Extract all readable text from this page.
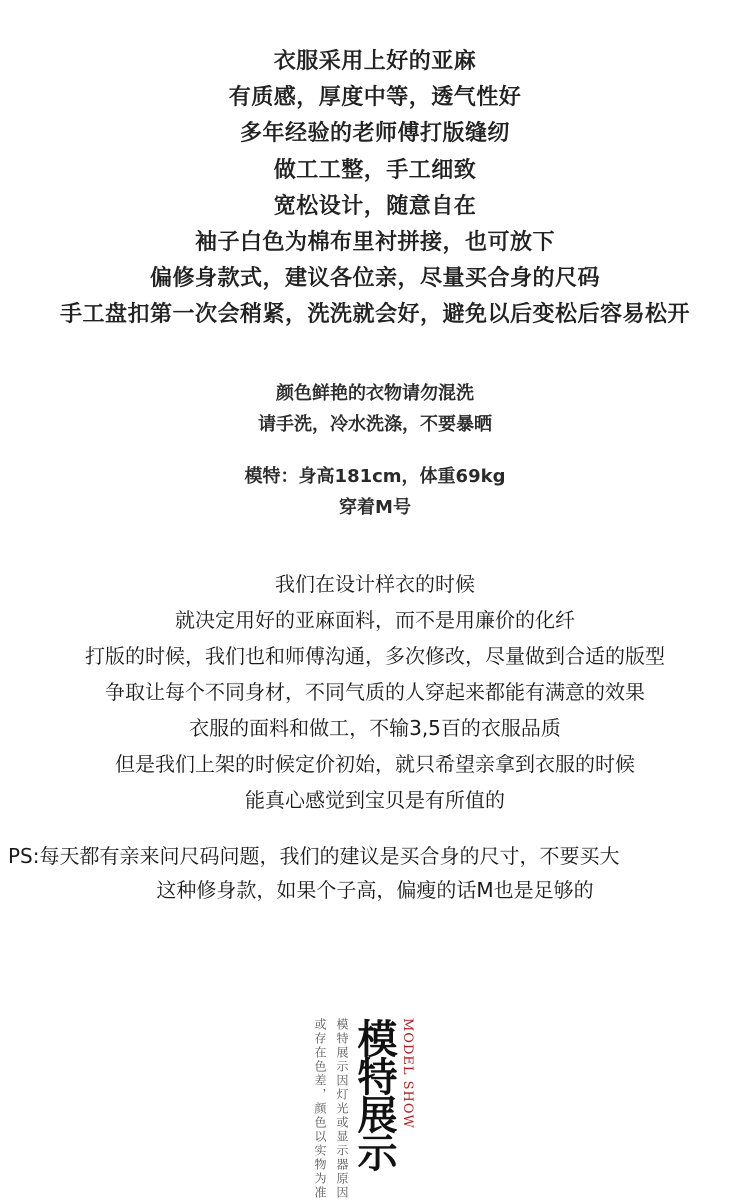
衣服采用上好的亚麻
有质感，厚度中等，透气性好
多年经验的老师傅打版缝纫
做工工整，手工细致
宽松设计，随意自在
袖子白色为棉布里衬拼接，也可放下
偏修身款式，建议各位亲，尽量买合身的尺码
手工盘扣第一次会稍紧，洗洗就会好，避免以后变松后容易松开
颜色鲜艳的衣物请勿混洗
请手洗，冷水洗涤，不要暴晒
模特：身高181cm，体重69kg
穿着M号
我们在设计样衣的时候
就决定用好的亚麻面料，而不是用廉价的化纤
打版的时候，我们也和师傅沟通，多次修改，尽量做到合适的版型
争取让每个不同身材，不同气质的人穿起来都能有满意的效果
衣服的面料和做工，不输3,5百的衣服品质
但是我们上架的时候定价初始，就只希望亲拿到衣服的时候
能真心感觉到宝贝是有所值的
PS:每天都有亲来问尺码问题，我们的建议是买合身的尺寸，不要买大
这种修身款，如果个子高，偏瘦的话M也是足够的
或存在色差，颜色以实物为准 模特展示因灯光或显示器原因 模特展示 MODEL SHOW
